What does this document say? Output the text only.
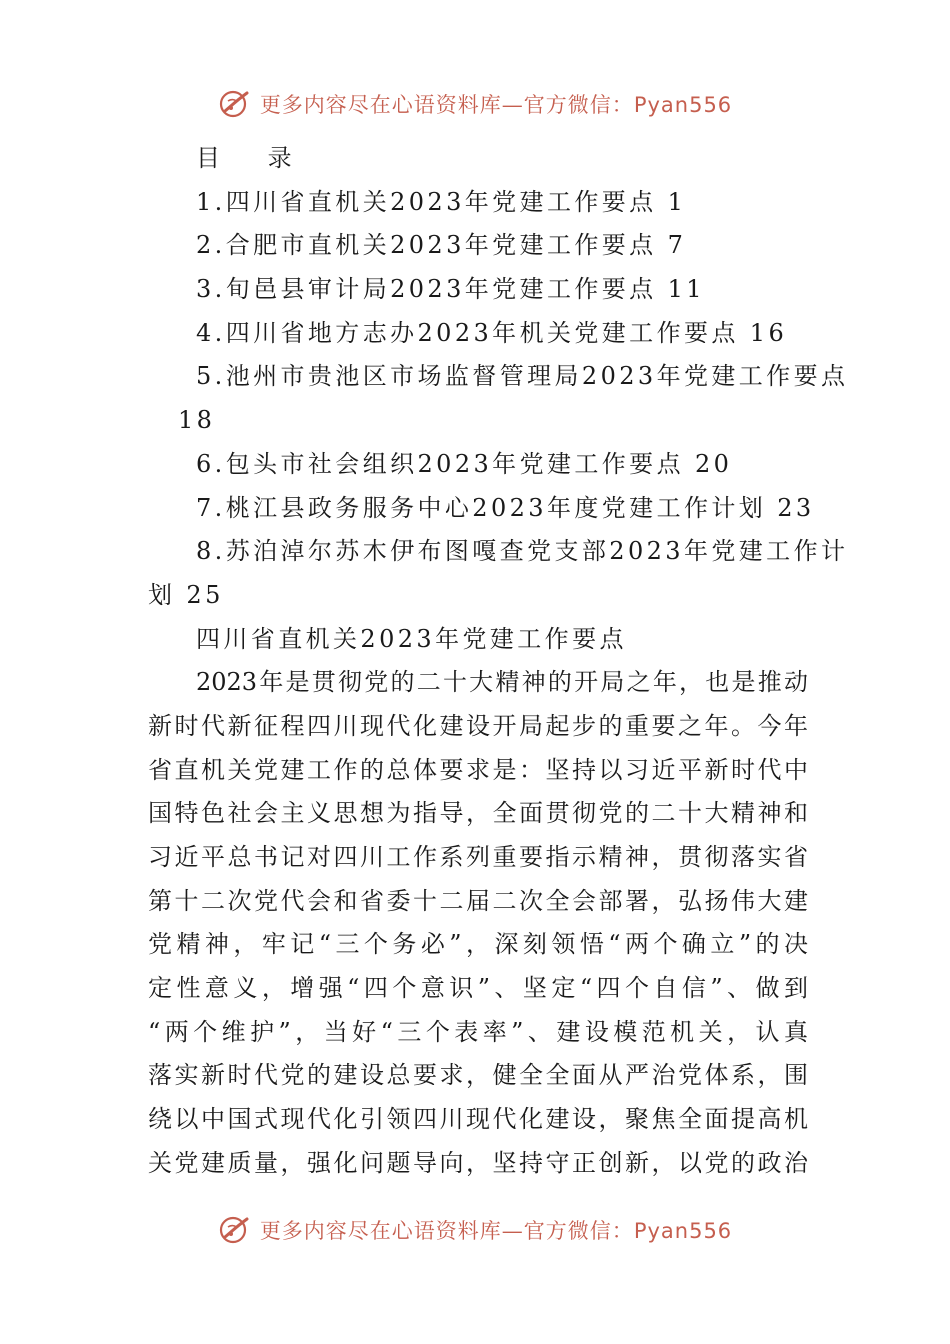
更多内容尽在心语资料库—官方微信：Pyan556
目 录
1.四川省直机关2023年党建工作要点 1
2.合肥市直机关2023年党建工作要点 7
3.旬邑县审计局2023年党建工作要点 11
4.四川省地方志办2023年机关党建工作要点 16
5.池州市贵池区市场监督管理局2023年党建工作要点
18
6.包头市社会组织2023年党建工作要点 20
7.桃江县政务服务中心2023年度党建工作计划 23
8.苏泊淖尔苏木伊布图嘎查党支部2023年党建工作计
划 25
四川省直机关2023年党建工作要点
2023年是贯彻党的二十大精神的开局之年，也是推动
新时代新征程四川现代化建设开局起步的重要之年。今年
省直机关党建工作的总体要求是：坚持以习近平新时代中
国特色社会主义思想为指导，全面贯彻党的二十大精神和
习近平总书记对四川工作系列重要指示精神，贯彻落实省
第十二次党代会和省委十二届二次全会部署，弘扬伟大建
党精神，牢记“三个务必”，深刻领悟“两个确立”的决
定性意义，增强“四个意识”、坚定“四个自信”、做到
“两个维护”，当好“三个表率”、建设模范机关，认真
落实新时代党的建设总要求，健全全面从严治党体系，围
绕以中国式现代化引领四川现代化建设，聚焦全面提高机
关党建质量，强化问题导向，坚持守正创新，以党的政治
更多内容尽在心语资料库—官方微信：Pyan556
